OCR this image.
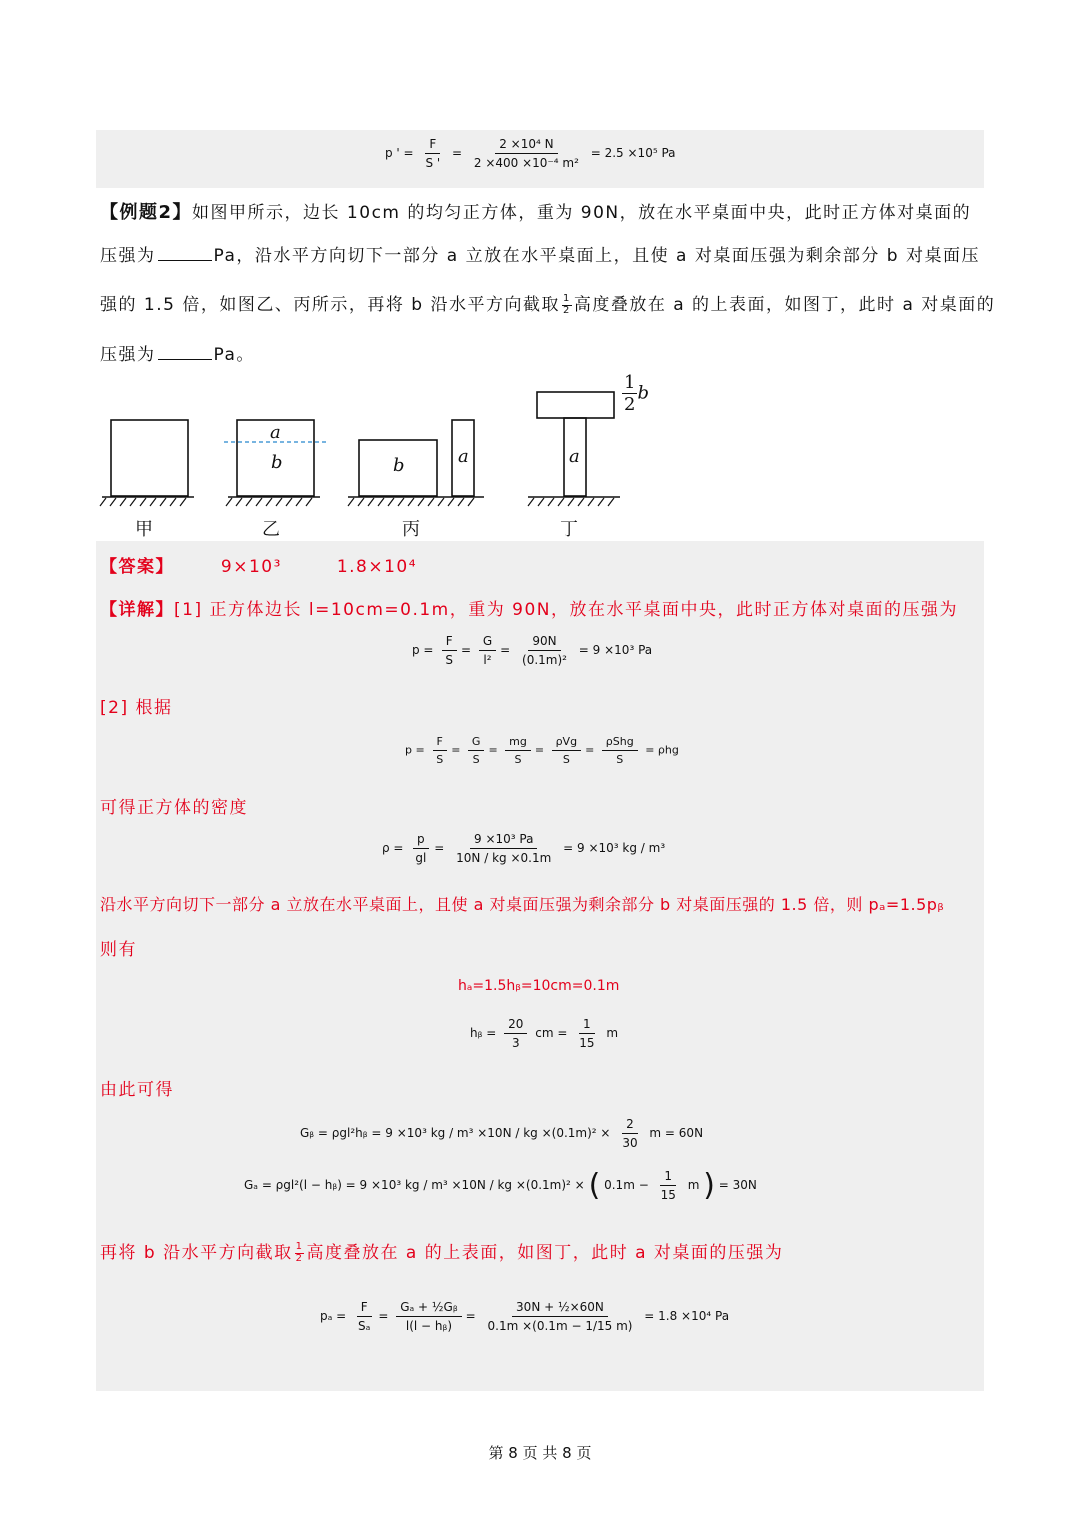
p ' = $\frac{F}{S '} = \frac{\text{2 ×10⁴ N}}{\text{2 ×400 ×10⁻⁴ m²}} = 2.5 \times 10^5$ Pa
【例题2】如图甲所示，边长 10cm 的均匀正方体，重为 90N，放在水平桌面中央，此时正方体对桌面的
压强为	Pa，沿水平方向切下一部分 a 立放在水平桌面上，且使 a 对桌面压强为剩余部分 b 对桌面压
强的 1.5 倍，如图乙、丙所示，再将 b 沿水平方向截取 $\frac{1}{2}$ 高度叠放在 a 的上表面，如图丁，此时 a 对桌面的
压强为	Pa。
a
b	b	a	a
$\frac{1}{2}$ b
甲	乙	丙	丁
【答案】	9×10³	1.8×10⁴
【详解】[1] 正方体边长 l=10cm=0.1m，重为 90N，放在水平桌面中央，此时正方体对桌面的压强为
$p = \frac{F}{S} = \frac{G}{\text{l²}} = \frac{90N}{\text{(0.1m)²}} = 9 \times 10^3$ Pa
[2] 根据
$p = \frac{F}{S} = \frac{G}{S} = \frac{mg}{S} = \frac{\text{ρVg}}{S} = \frac{\text{ρShg}}{S} = \rho hg$
可得正方体的密度
$\rho = \frac{p}{gl} = \frac{\text{9 ×10³ Pa}}{10N / kg \times 0.1m} = 9 \times 10^3$ kg / m³
沿水平方向切下一部分 a 立放在水平桌面上，且使 a 对桌面压强为剩余部分 b 对桌面压强的 1.5 倍，则 pₐ=1.5pᵦ
则有
hₐ=1.5hᵦ=10cm=0.1m
hᵦ = $\frac{20}{3}$ cm = $\frac{1}{15}$ m
由此可得
Gᵦ = ρgl²hᵦ = 9 ×10³ kg / m³ ×10N / kg $\times(0.1m)^2 \times \frac{2}{30}$ m = 60N
Gₐ = ρgl²(l − hᵦ) = 9 ×10³ kg / m³ ×10N / kg ×(0.1m)² × ( $0.1m - \frac{1}{15}$ m ) = 30N
再将 b 沿水平方向截取 $\frac{1}{2}$ 高度叠放在 a 的上表面，如图丁，此时 a 对桌面的压强为
$p_a = \frac{F}{\text{Sₐ}} = \frac{\text{Gₐ + ½Gᵦ}}{\text{l(l − hᵦ)}} = \frac{\text{30N + ½×60N}}{0.1m \times(0.1m - 1/15 m)} = 1.8 \times 10^4$ Pa
第 8 页 共 8 页
